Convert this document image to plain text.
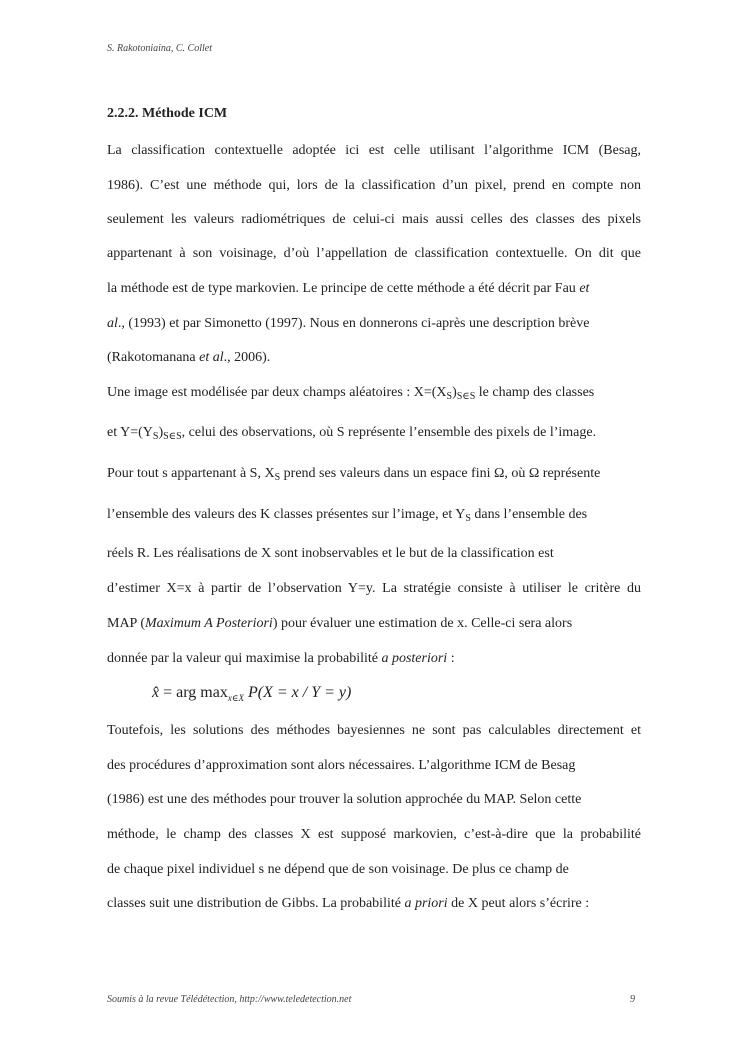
S. Rakotoniaina, C. Collet
2.2.2. Méthode ICM
La classification contextuelle adoptée ici est celle utilisant l’algorithme ICM (Besag,
1986). C’est une méthode qui, lors de la classification d’un pixel, prend en compte non
seulement les valeurs radiométriques de celui-ci mais aussi celles des classes des pixels
appartenant à son voisinage, d’où l’appellation de classification contextuelle. On dit que
la méthode est de type markovien. Le principe de cette méthode a été décrit par Fau et
al., (1993) et par Simonetto (1997). Nous en donnerons ci-après une description brève
(Rakotomanana et al., 2006).
Une image est modélisée par deux champs aléatoires : $X=(X_S)_{S\in S}$ le champ des classes
et $Y=(Y_S)_{S\in S}$, celui des observations, où S représente l’ensemble des pixels de l’image.
Pour tout s appartenant à S, $X_S$ prend ses valeurs dans un espace fini Ω, où Ω représente
l’ensemble des valeurs des K classes présentes sur l’image, et $Y_S$ dans l’ensemble des
réels R. Les réalisations de X sont inobservables et le but de la classification est
d’estimer X=x à partir de l’observation Y=y. La stratégie consiste à utiliser le critère du
MAP (Maximum A Posteriori) pour évaluer une estimation de x. Celle-ci sera alors
donnée par la valeur qui maximise la probabilité a posteriori :
x̂ = arg $\max_{x\in X} P(X = x / Y = y)$
Toutefois, les solutions des méthodes bayesiennes ne sont pas calculables directement et
des procédures d’approximation sont alors nécessaires. L’algorithme ICM de Besag
(1986) est une des méthodes pour trouver la solution approchée du MAP. Selon cette
méthode, le champ des classes X est supposé markovien, c’est-à-dire que la probabilité
de chaque pixel individuel s ne dépend que de son voisinage. De plus ce champ de
classes suit une distribution de Gibbs. La probabilité a priori de X peut alors s’écrire :
Soumis à la revue Télédétection, http://www.teledetection.net	9
